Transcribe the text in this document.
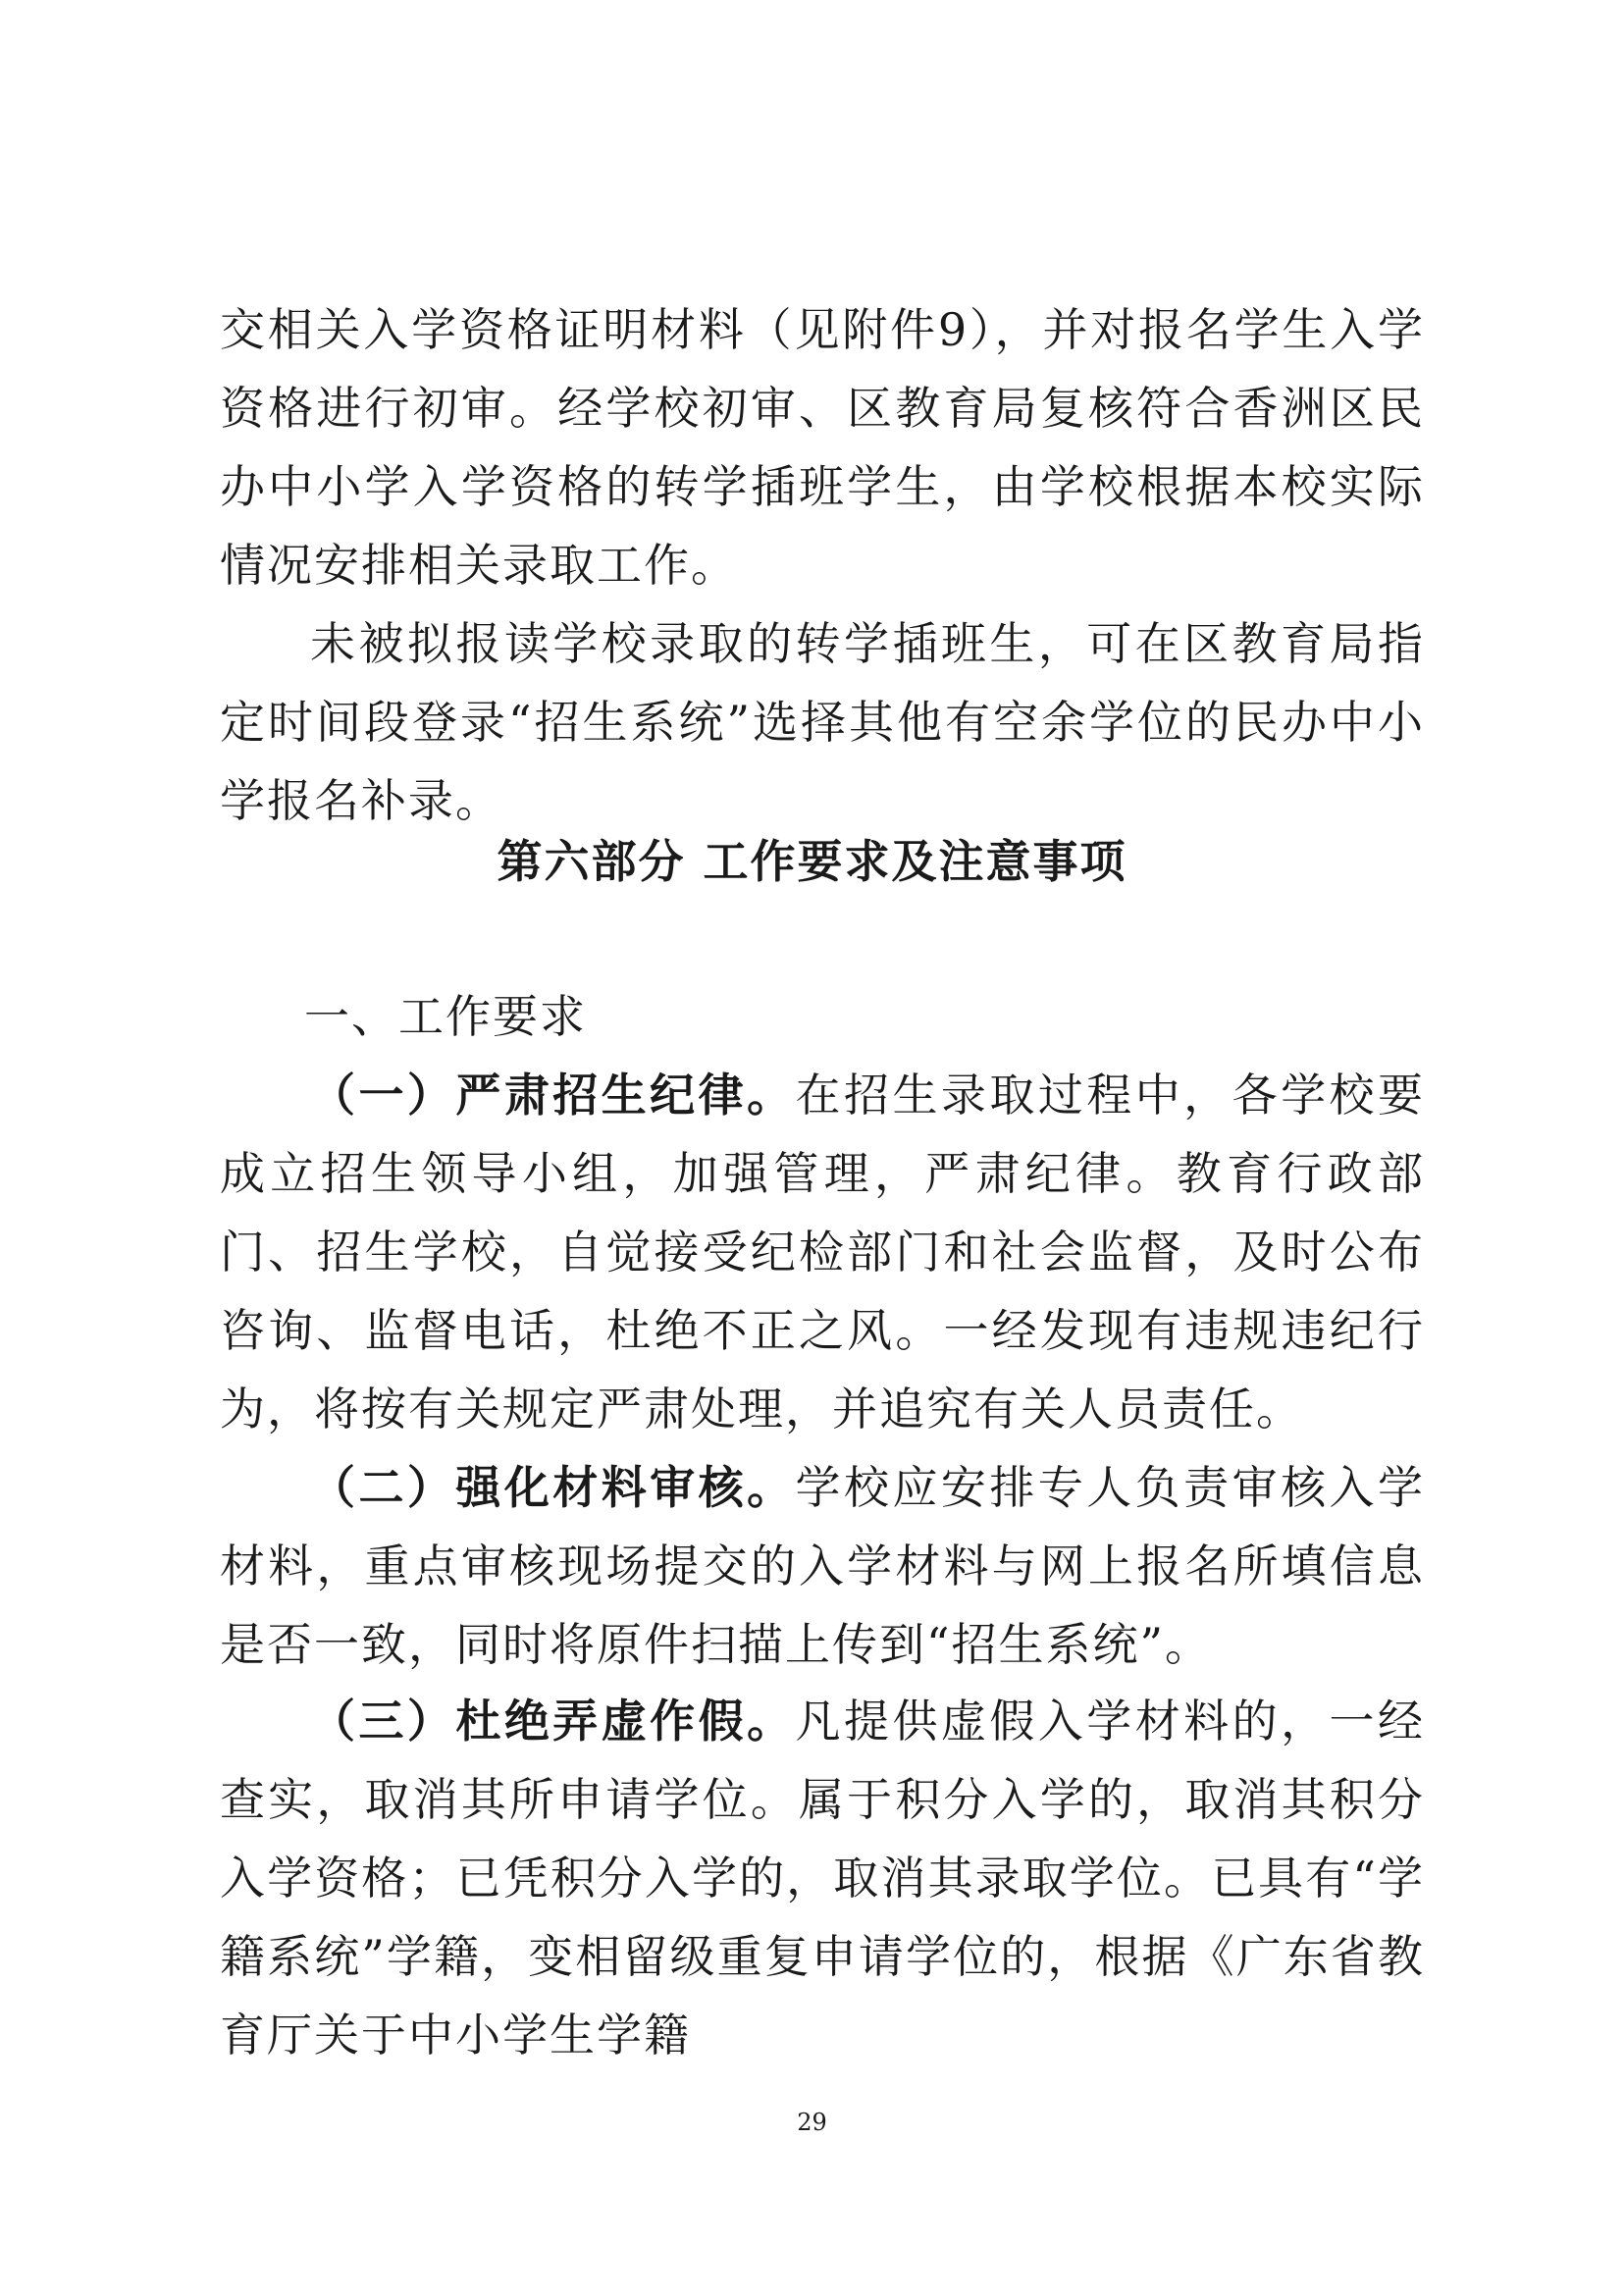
交相关入学资格证明材料（见附件9），并对报名学生入学资格进行初审。经学校初审、区教育局复核符合香洲区民办中小学入学资格的转学插班学生，由学校根据本校实际情况安排相关录取工作。

未被拟报读学校录取的转学插班生，可在区教育局指定时间段登录“招生系统”选择其他有空余学位的民办中小学报名补录。

第六部分 工作要求及注意事项
一、工作要求

（一）严肃招生纪律。在招生录取过程中，各学校要成立招生领导小组，加强管理，严肃纪律。教育行政部门、招生学校，自觉接受纪检部门和社会监督，及时公布咨询、监督电话，杜绝不正之风。一经发现有违规违纪行为，将按有关规定严肃处理，并追究有关人员责任。

（二）强化材料审核。学校应安排专人负责审核入学材料，重点审核现场提交的入学材料与网上报名所填信息是否一致，同时将原件扫描上传到“招生系统”。

（三）杜绝弄虚作假。凡提供虚假入学材料的，一经查实，取消其所申请学位。属于积分入学的，取消其积分入学资格；已凭积分入学的，取消其录取学位。已具有“学籍系统”学籍，变相留级重复申请学位的，根据《广东省教育厅关于中小学生学籍

29
